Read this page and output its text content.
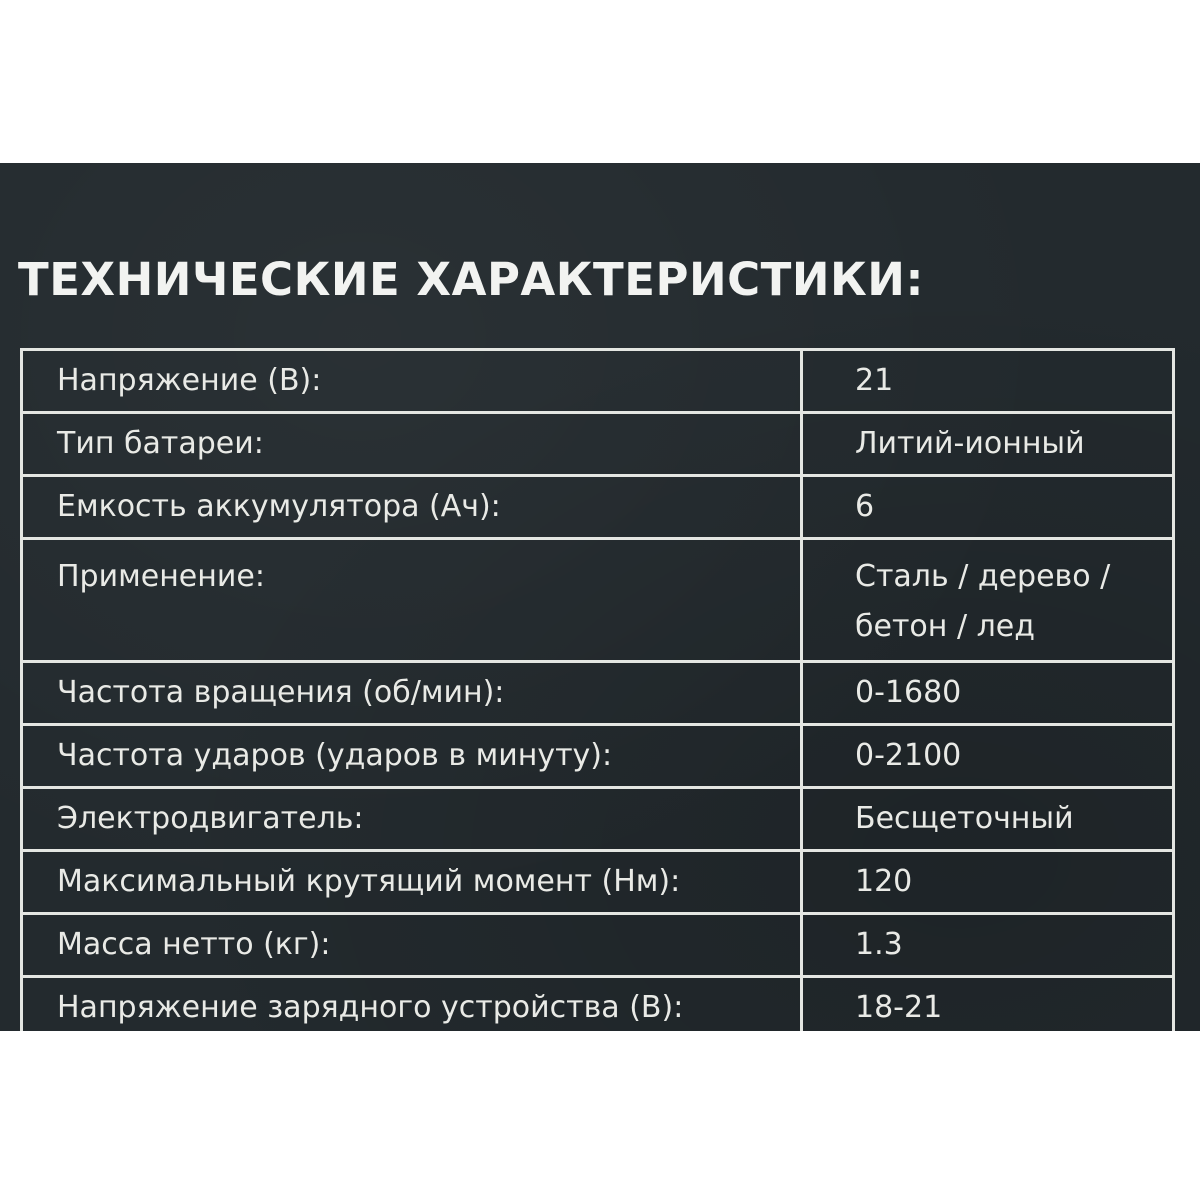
ТЕХНИЧЕСКИЕ ХАРАКТЕРИСТИКИ:
Напряжение (В):	21
Тип батареи:	Литий-ионный
Емкость аккумулятора (Ач):	6
Применение:	Сталь / дерево / бетон / лед
Частота вращения (об/мин):	0-1680
Частота ударов (ударов в минуту):	0-2100
Электродвигатель:	Бесщеточный
Максимальный крутящий момент (Нм):	120
Масса нетто (кг):	1.3
Напряжение зарядного устройства (В):	18-21
